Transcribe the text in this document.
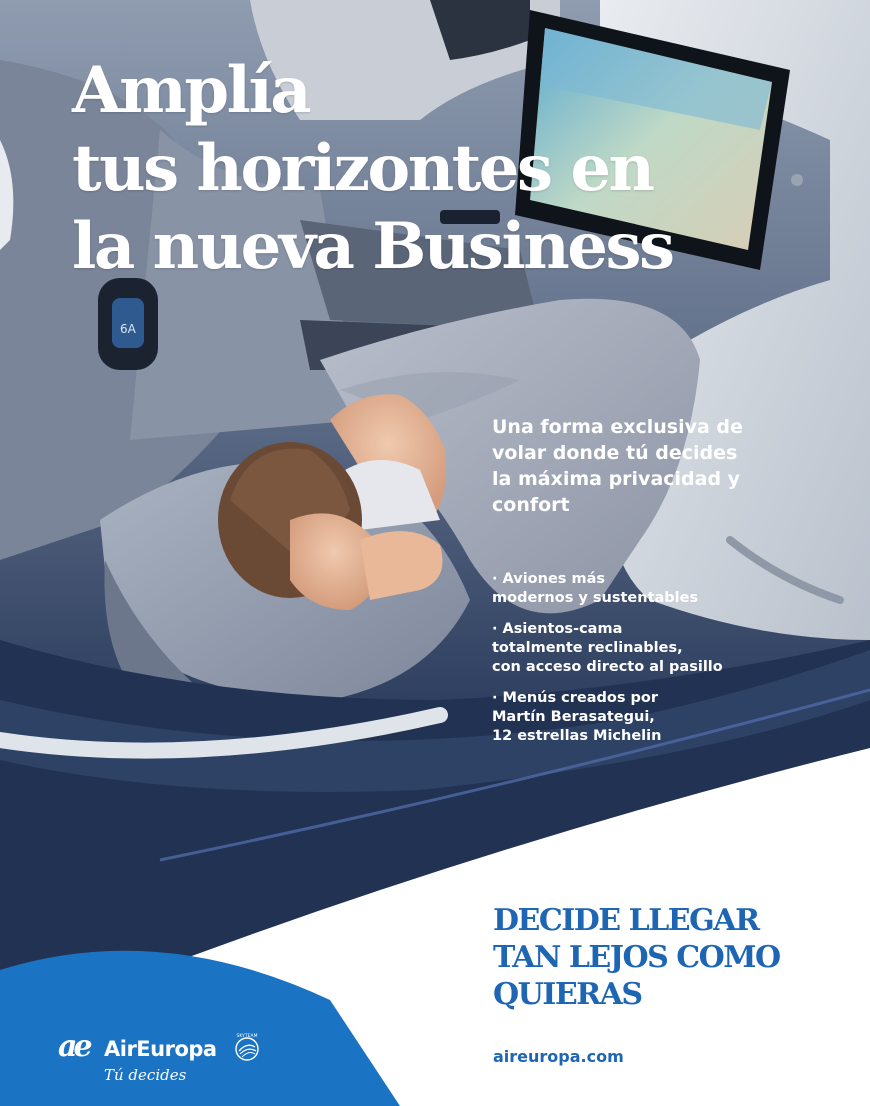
6A
Amplía
tus horizontes en
la nueva Business

Una forma exclusiva de
volar donde tú decides
la máxima privacidad y
confort

· Aviones más
modernos y sustentables
· Asientos-cama
totalmente reclinables,
con acceso directo al pasillo
· Menús creados por
Martín Berasategui,
12 estrellas Michelin
DECIDE LLEGAR
TAN LEJOS COMO
QUIERAS
aireuropa.com
ae AirEuropa
SKYTEAM
Tú decides
